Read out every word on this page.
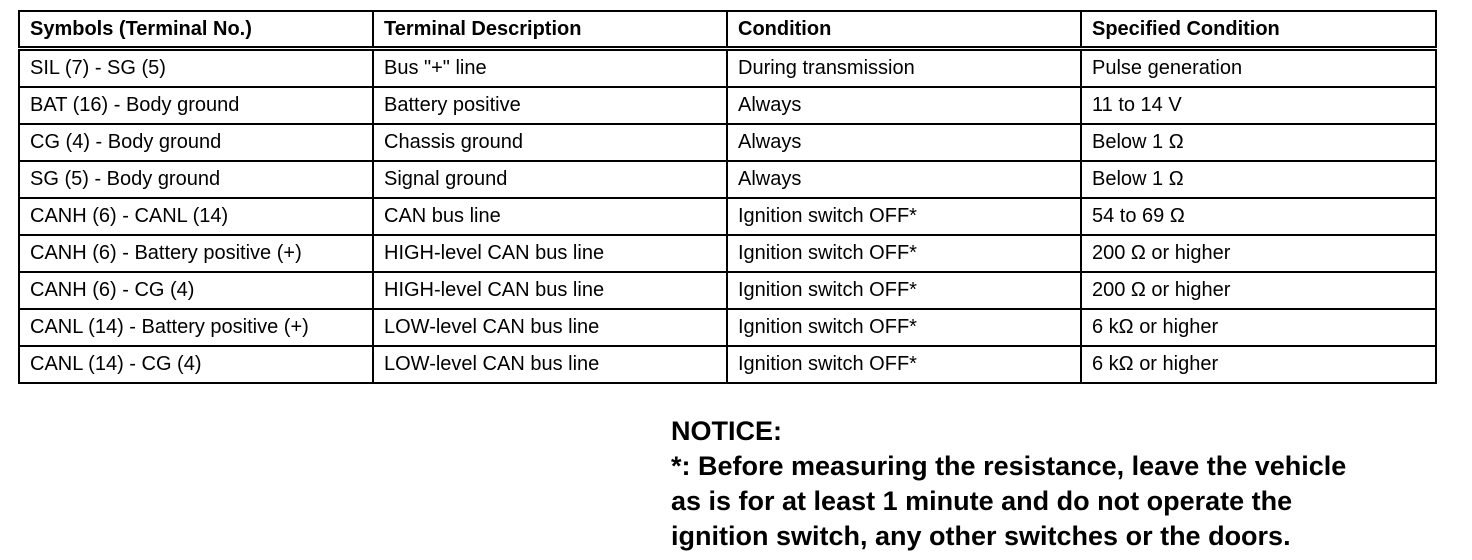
Symbols (Terminal No.)	Terminal Description	Condition	Specified Condition
SIL (7) - SG (5)	Bus "+" line	During transmission	Pulse generation
BAT (16) - Body ground	Battery positive	Always	11 to 14 V
CG (4) - Body ground	Chassis ground	Always	Below 1 Ω
SG (5) - Body ground	Signal ground	Always	Below 1 Ω
CANH (6) - CANL (14)	CAN bus line	Ignition switch OFF*	54 to 69 Ω
CANH (6) - Battery positive (+)	HIGH-level CAN bus line	Ignition switch OFF*	200 Ω or higher
CANH (6) - CG (4)	HIGH-level CAN bus line	Ignition switch OFF*	200 Ω or higher
CANL (14) - Battery positive (+)	LOW-level CAN bus line	Ignition switch OFF*	6 kΩ or higher
CANL (14) - CG (4)	LOW-level CAN bus line	Ignition switch OFF*	6 kΩ or higher

NOTICE:

*: Before measuring the resistance, leave the vehicle

as is for at least 1 minute and do not operate the

ignition switch, any other switches or the doors.
